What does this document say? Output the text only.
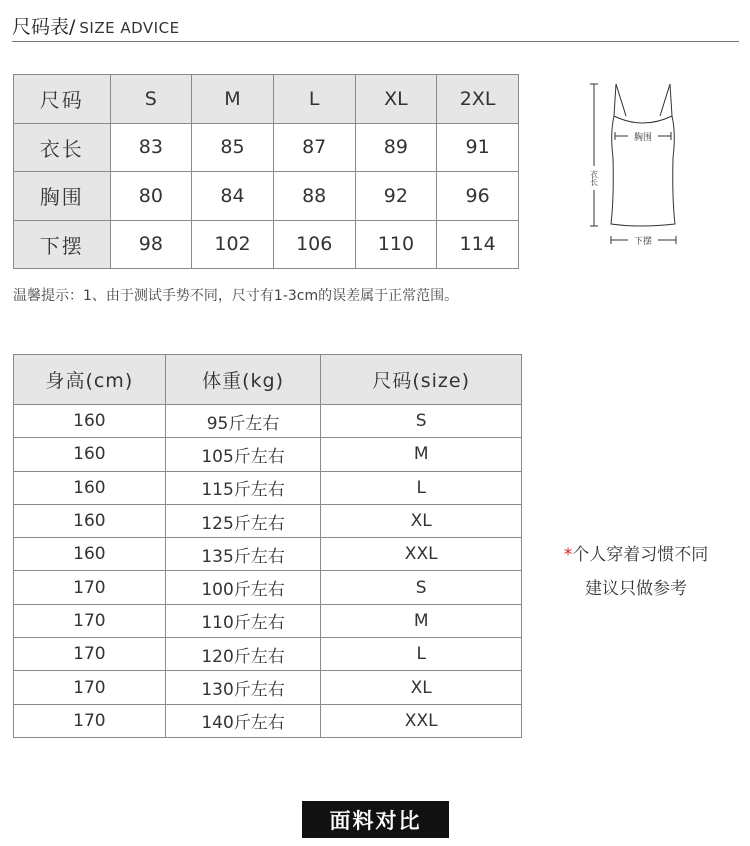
尺码表/ SIZE ADVICE
尺码	S	M	L	XL	2XL
衣长	83	85	87	89	91
胸围	80	84	88	92	96
下摆	98	102	106	110	114
胸围
衣长
下摆
温馨提示：1、由于测试手势不同，尺寸有1-3cm的误差属于正常范围。
身高(cm)	体重(kg)	尺码(size)
160	95斤左右	S
160	105斤左右	M
160	115斤左右	L
160	125斤左右	XL
160	135斤左右	XXL
170	100斤左右	S
170	110斤左右	M
170	120斤左右	L
170	130斤左右	XL
170	140斤左右	XXL
*个人穿着习惯不同
建议只做参考
面料对比
